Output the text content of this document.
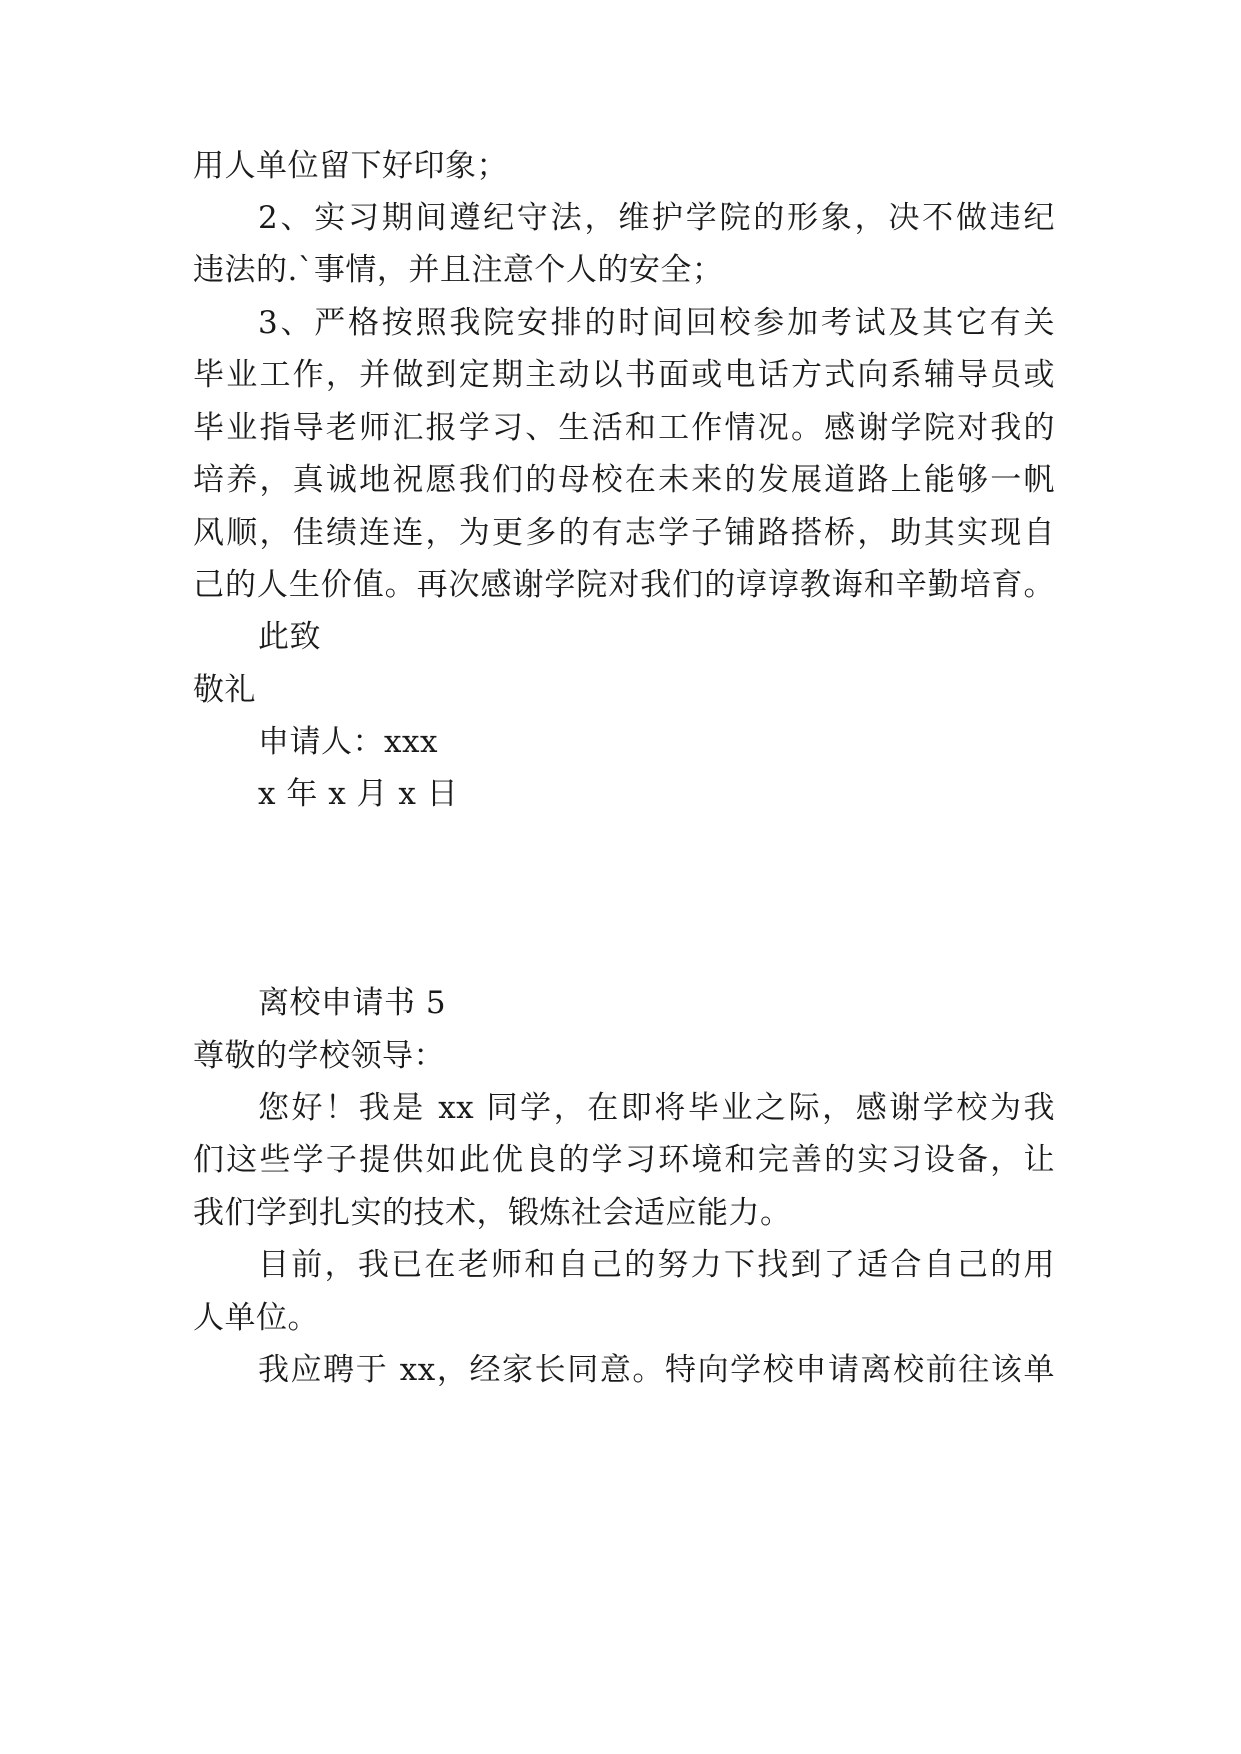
用人单位留下好印象；

2、实习期间遵纪守法，维护学院的形象，决不做违纪

违法的.`事情，并且注意个人的安全；

3、严格按照我院安排的时间回校参加考试及其它有关

毕业工作，并做到定期主动以书面或电话方式向系辅导员或

毕业指导老师汇报学习、生活和工作情况。感谢学院对我的

培养，真诚地祝愿我们的母校在未来的发展道路上能够一帆

风顺，佳绩连连，为更多的有志学子铺路搭桥，助其实现自

己的人生价值。再次感谢学院对我们的谆谆教诲和辛勤培育。

此致

敬礼

申请人：xxx

x 年 x 月 x 日

离校申请书 5

尊敬的学校领导：

您好！我是 xx 同学，在即将毕业之际，感谢学校为我

们这些学子提供如此优良的学习环境和完善的实习设备，让

我们学到扎实的技术，锻炼社会适应能力。

目前，我已在老师和自己的努力下找到了适合自己的用

人单位。

我应聘于 xx，经家长同意。特向学校申请离校前往该单
